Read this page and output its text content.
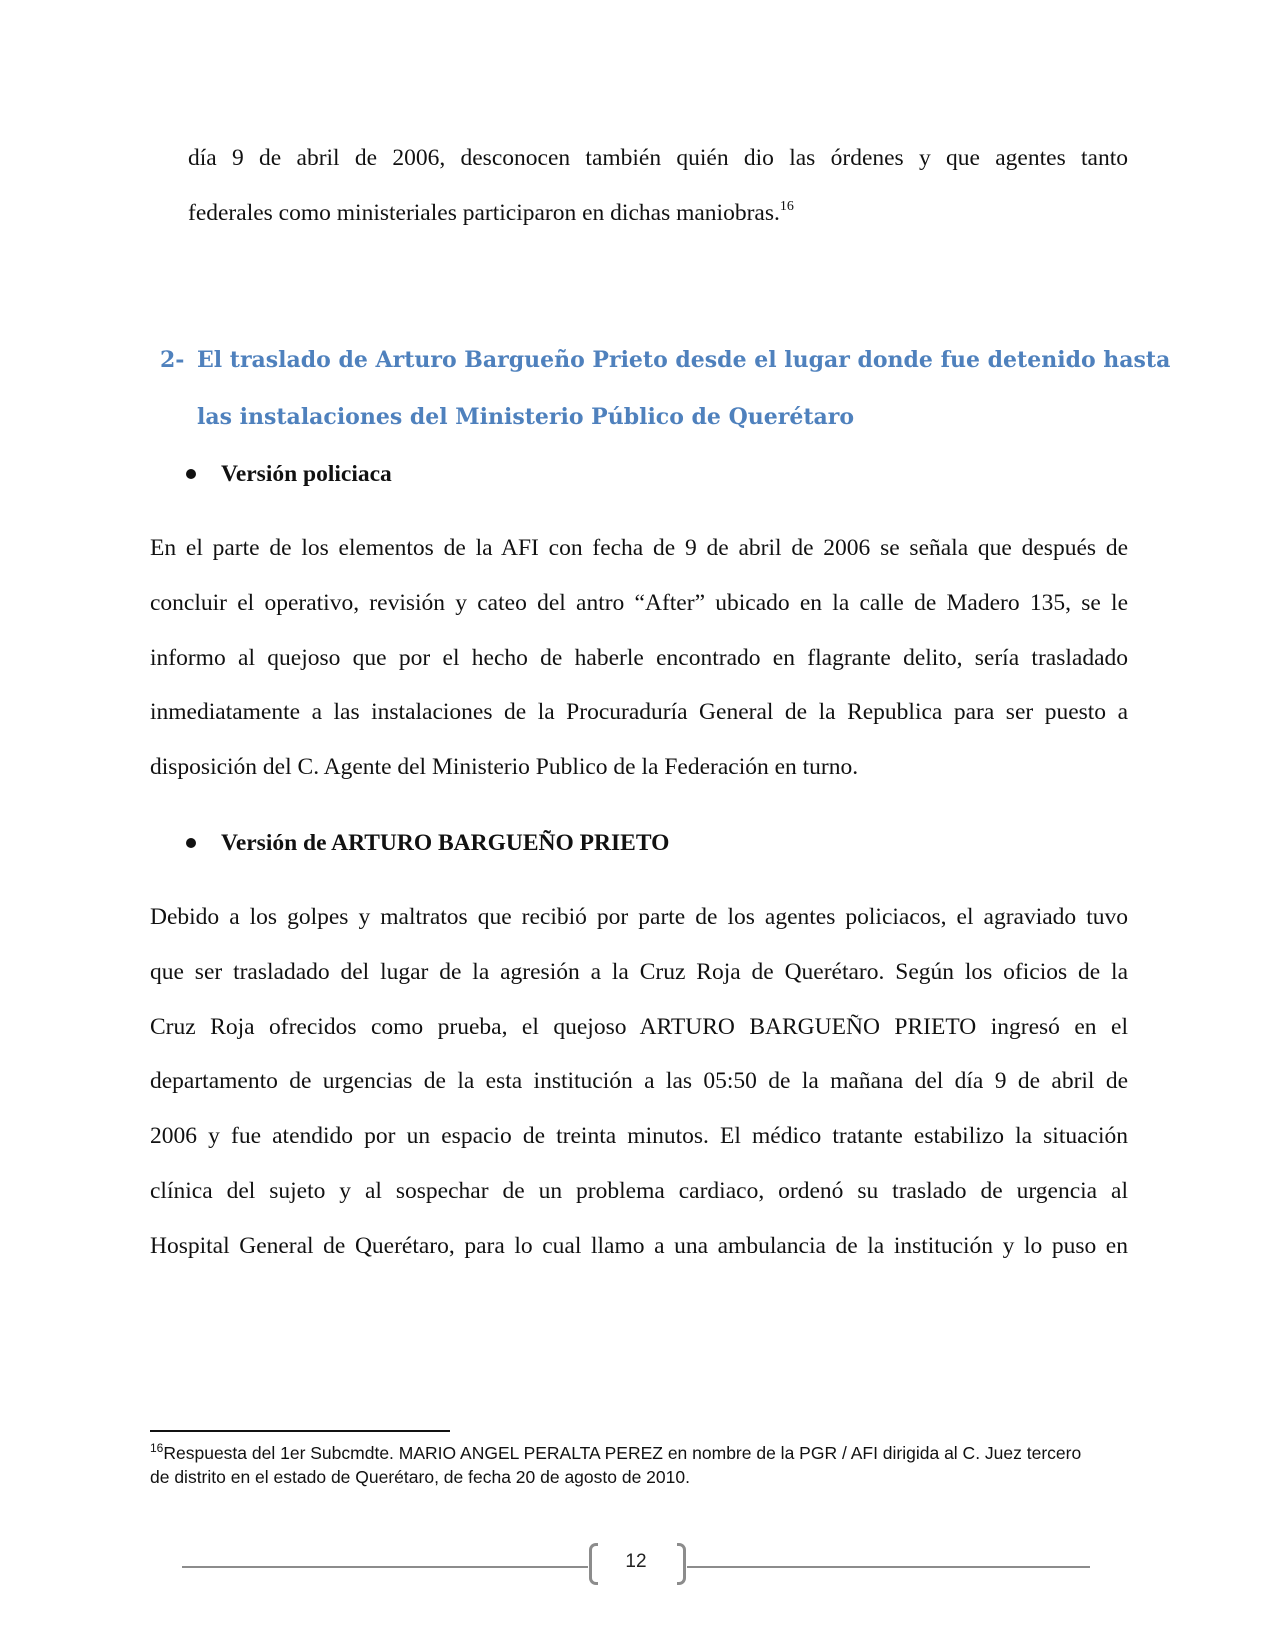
día 9 de abril de 2006, desconocen también quién dio las órdenes y que agentes tanto
federales como ministeriales participaron en dichas maniobras.$^{16}$
2- El traslado de Arturo Bargueño Prieto desde el lugar donde fue detenido hasta
las instalaciones del Ministerio Público de Querétaro
Versión policiaca
En el parte de los elementos de la AFI con fecha de 9 de abril de 2006 se señala que después de
concluir el operativo, revisión y cateo del antro “After” ubicado en la calle de Madero 135, se le
informo al quejoso que por el hecho de haberle encontrado en flagrante delito, sería trasladado
inmediatamente a las instalaciones de la Procuraduría General de la Republica para ser puesto a
disposición del C. Agente del Ministerio Publico de la Federación en turno.
Versión de ARTURO BARGUEÑO PRIETO
Debido a los golpes y maltratos que recibió por parte de los agentes policiacos, el agraviado tuvo
que ser trasladado del lugar de la agresión a la Cruz Roja de Querétaro. Según los oficios de la
Cruz Roja ofrecidos como prueba, el quejoso ARTURO BARGUEÑO PRIETO ingresó en el
departamento de urgencias de la esta institución a las 05:50 de la mañana del día 9 de abril de
2006 y fue atendido por un espacio de treinta minutos. El médico tratante estabilizo la situación
clínica del sujeto y al sospechar de un problema cardiaco, ordenó su traslado de urgencia al
Hospital General de Querétaro, para lo cual llamo a una ambulancia de la institución y lo puso en
$^{16}$Respuesta del 1er Subcmdte. MARIO ANGEL PERALTA PEREZ en nombre de la PGR / AFI dirigida al C. Juez tercero
de distrito en el estado de Querétaro, de fecha 20 de agosto de 2010.
12
